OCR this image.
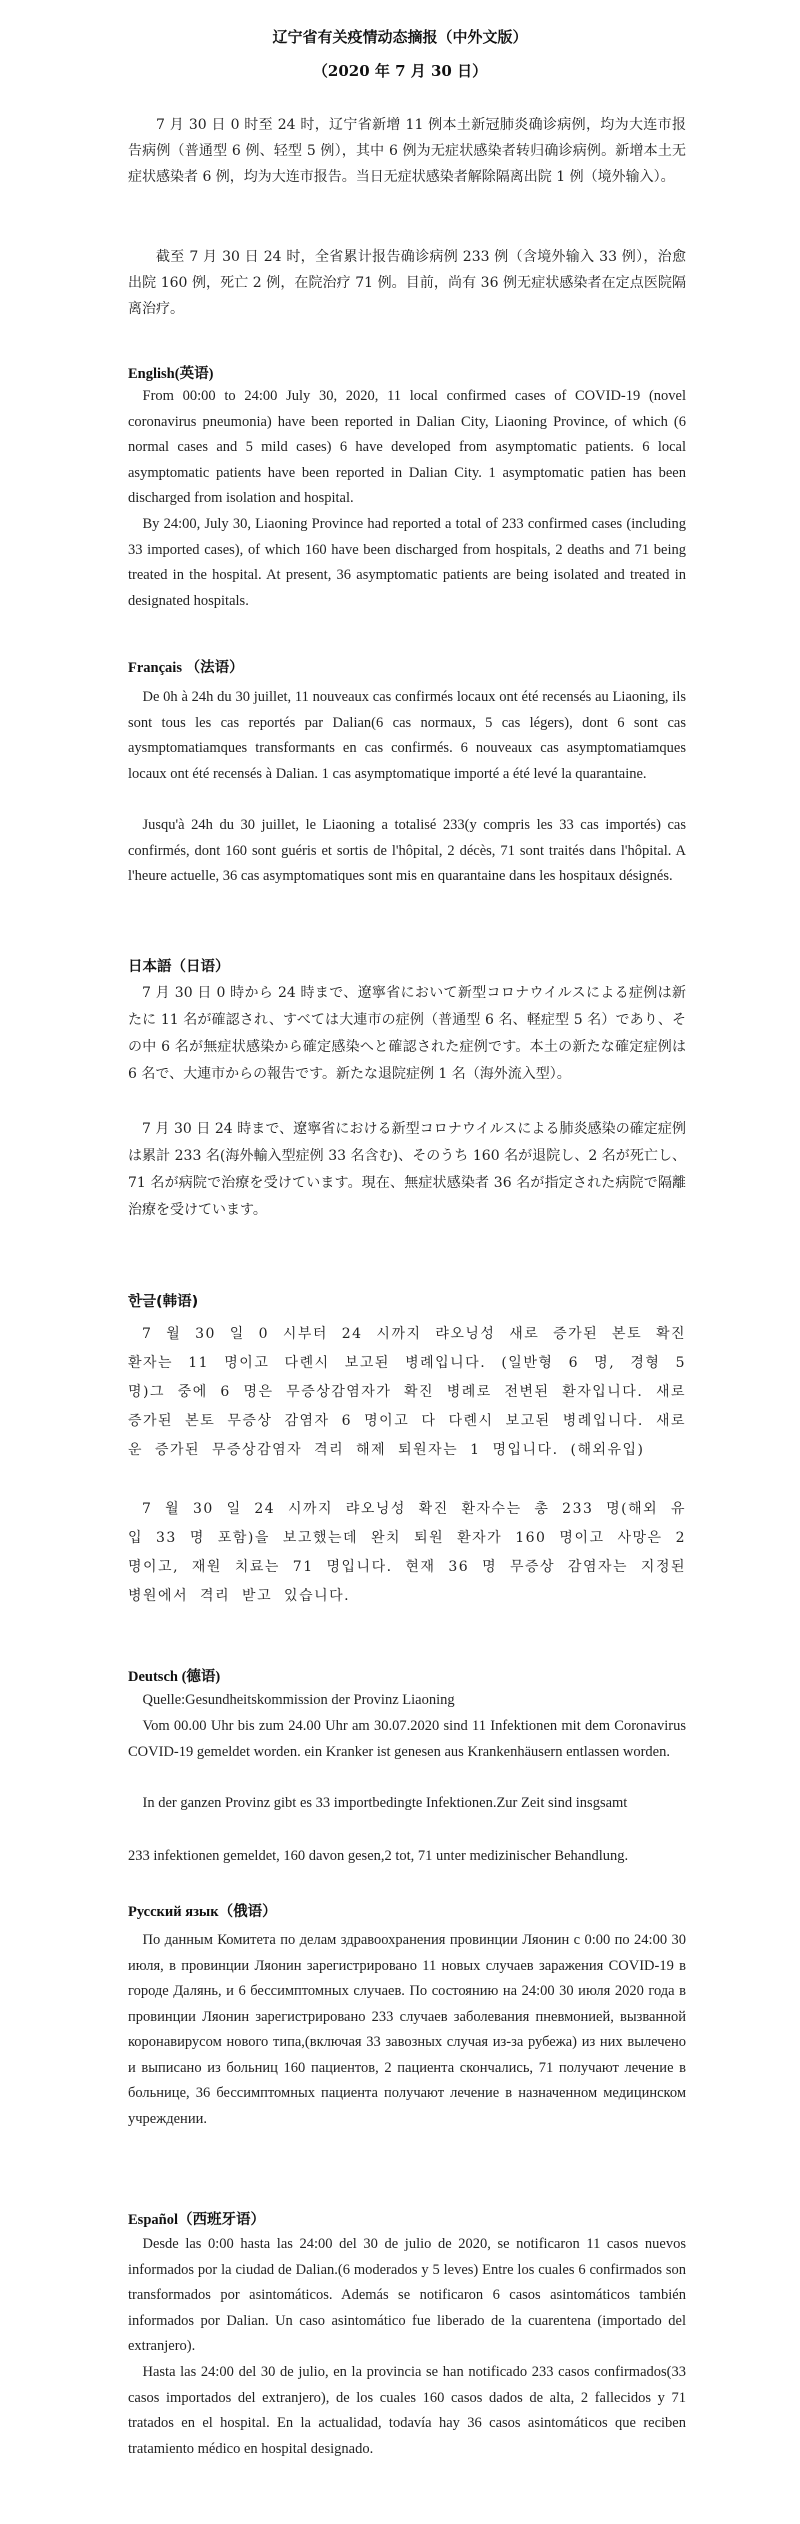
辽宁省有关疫情动态摘报（中外文版）
（2020 年 7 月 30 日）

7 月 30 日 0 时至 24 时，辽宁省新增 11 例本土新冠肺炎确诊病例，均为大连市报告病例（普通型 6 例、轻型 5 例），其中 6 例为无症状感染者转归确诊病例。新增本土无症状感染者 6 例，均为大连市报告。当日无症状感染者解除隔离出院 1 例（境外输入）。

截至 7 月 30 日 24 时，全省累计报告确诊病例 233 例（含境外输入 33 例），治愈出院 160 例，死亡 2 例，在院治疗 71 例。目前，尚有 36 例无症状感染者在定点医院隔离治疗。

English(英语)

From 00:00 to 24:00 July 30, 2020, 11 local confirmed cases of COVID-19 (novel coronavirus pneumonia) have been reported in Dalian City, Liaoning Province, of which (6 normal cases and 5 mild cases) 6 have developed from asymptomatic patients. 6 local asymptomatic patients have been reported in Dalian City. 1 asymptomatic patien has been discharged from isolation and hospital.

By 24:00, July 30, Liaoning Province had reported a total of 233 confirmed cases (including 33 imported cases), of which 160 have been discharged from hospitals, 2 deaths and 71 being treated in the hospital. At present, 36 asymptomatic patients are being isolated and treated in designated hospitals.

Français （法语）

De 0h à 24h du 30 juillet, 11 nouveaux cas confirmés locaux ont été recensés au Liaoning, ils sont tous les cas reportés par Dalian(6 cas normaux, 5 cas légers), dont 6 sont cas aysmptomatiamques transformants en cas confirmés. 6 nouveaux cas asymptomatiamques locaux ont été recensés à Dalian. 1 cas asymptomatique importé a été levé la quarantaine.

Jusqu'à 24h du 30 juillet, le Liaoning a totalisé 233(y compris les 33 cas importés) cas confirmés, dont 160 sont guéris et sortis de l'hôpital, 2 décès, 71 sont traités dans l'hôpital. A l'heure actuelle, 36 cas asymptomatiques sont mis en quarantaine dans les hospitaux désignés.

日本語（日语）

7 月 30 日 0 時から 24 時まで、遼寧省において新型コロナウイルスによる症例は新たに 11 名が確認され、すべては大連市の症例（普通型 6 名、軽症型 5 名）であり、その中 6 名が無症状感染から確定感染へと確認された症例です。本土の新たな確定症例は 6 名で、大連市からの報告です。新たな退院症例 1 名（海外流入型）。

7 月 30 日 24 時まで、遼寧省における新型コロナウイルスによる肺炎感染の確定症例は累計 233 名(海外輸入型症例 33 名含む)、そのうち 160 名が退院し、2 名が死亡し、71 名が病院で治療を受けています。現在、無症状感染者 36 名が指定された病院で隔離治療を受けています。

한글(韩语)

7 월 30 일 0 시부터 24 시까지 랴오닝성 새로 증가된 본토 확진 환자는 11 명이고 다롄시 보고된 병례입니다. (일반형 6 명, 경형 5 명)그 중에 6 명은 무증상감염자가 확진 병례로 전변된 환자입니다. 새로 증가된 본토 무증상 감염자 6 명이고 다 다롄시 보고된 병례입니다. 새로운 증가된 무증상감염자 격리 해제 퇴원자는 1 명입니다. (해외유입)

7 월 30 일 24 시까지 랴오닝성 확진 환자수는 총 233 명(해외 유입 33 명 포함)을 보고했는데 완치 퇴원 환자가 160 명이고 사망은 2 명이고, 재원 치료는 71 명입니다. 현재 36 명 무증상 감염자는 지정된 병원에서 격리 받고 있습니다.

Deutsch (德语)

Quelle:Gesundheitskommission der Provinz Liaoning

Vom 00.00 Uhr bis zum 24.00 Uhr am 30.07.2020 sind 11 Infektionen mit dem Coronavirus COVID-19 gemeldet worden. ein Kranker ist genesen aus Krankenhäusern entlassen worden.

In der ganzen Provinz gibt es 33 importbedingte Infektionen.Zur Zeit sind insgsamt

233 infektionen gemeldet, 160 davon gesen,2 tot, 71 unter medizinischer Behandlung.

Русский язык（俄语）

По данным Комитета по делам здравоохранения провинции Ляонин с 0:00 по 24:00 30 июля, в провинции Ляонин зарегистрировано 11 новых случаев заражения COVID-19 в городе Далянь, и 6 бессимптомных случаев. По состоянию на 24:00 30 июля 2020 года в провинции Ляонин зарегистрировано 233 случаев заболевания пневмонией, вызванной коронавирусом нового типа,(включая 33 завозных случая из-за рубежа) из них вылечено и выписано из больниц 160 пациентов, 2 пациента скончались, 71 получают лечение в больнице, 36 бессимптомных пациента получают лечение в назначенном медицинском учреждении.

Español（西班牙语）

Desde las 0:00 hasta las 24:00 del 30 de julio de 2020, se notificaron 11 casos nuevos informados por la ciudad de Dalian.(6 moderados y 5 leves) Entre los cuales 6 confirmados son transformados por asintomáticos. Además se notificaron 6 casos asintomáticos también informados por Dalian. Un caso asintomático fue liberado de la cuarentena (importado del extranjero).

Hasta las 24:00 del 30 de julio, en la provincia se han notificado 233 casos confirmados(33 casos importados del extranjero), de los cuales 160 casos dados de alta, 2 fallecidos y 71 tratados en el hospital. En la actualidad, todavía hay 36 casos asintomáticos que reciben tratamiento médico en hospital designado.
